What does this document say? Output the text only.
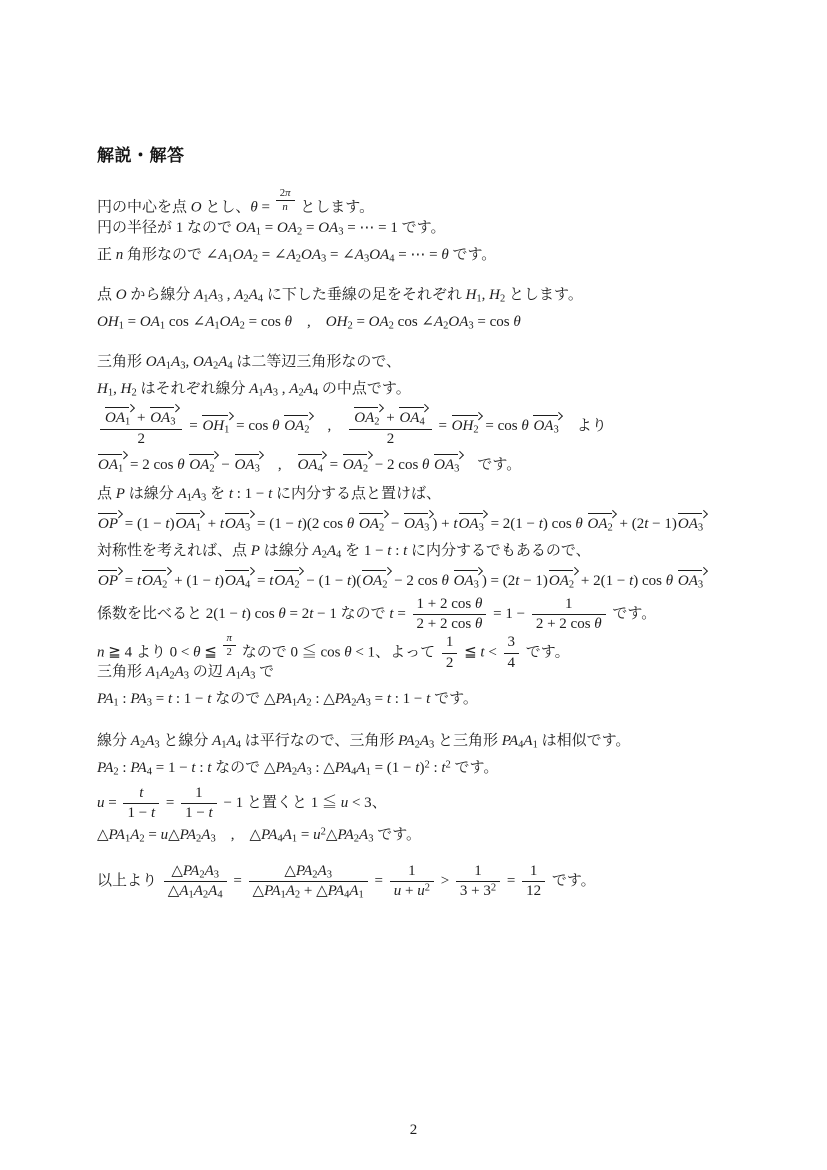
解説・解答
円の中心を点 O とし、$\theta = \frac{2\pi}{n}$ とします。
円の半径が 1 なので $OA_1 = OA_2 = OA_3$ = ⋯ = 1 です。
正 n 角形なので $\angle A_1OA_2$ = $\angle A_2OA_3$ = $\angle A_3OA_4$ = ⋯ = θ です。
点 O から線分 $A_1A_3$ , $A_2A_4$ に下した垂線の足をそれぞれ $H_1$, $H_2$ とします。
$OH_1 = OA_1$ $\cos \angle A_1OA_2 = \cos \theta$　 ,　 $OH_2 = OA_2$ $\cos \angle A_2OA_3 = \cos \theta$
三角形 $OA_1A_3$, $OA_2A_4$ は二等辺三角形なので、
$H_1$, $H_2$ はそれぞれ線分 $A_1A_3$ , $A_2A_4$ の中点です。
$\frac{OA_1 + OA_3}{2} = OH_1 = \cos \theta$ $OA_2$　 ,　 $\frac{OA_2 + OA_4}{2} = OH_2 = \cos \theta$ $OA_3$　より
$OA_1 = 2$ cos θ $OA_2 - OA_3$　 ,　 $OA_4 = OA_2 - 2$ cos θ $OA_3$　です。
点 P は線分 $A_1A_3$ を t : 1 − t に内分する点と置けば、
OP = $(1 - t)OA_1 + tOA_3 = (1 - t)(2$ cos θ $OA_2 - OA_3$ ) + tOA$_3$ = 2(1 − t) cos θ $OA_2 + (2t - 1)OA_3$
対称性を考えれば、点 P は線分 $A_2A_4$ を 1 − t : t に内分するでもあるので、
OP = $tOA_2 + (1 - t)OA_4 = tOA_2 - (1 - t)(OA_2 - 2$ cos θ $OA_3$ ) = $(2t - 1)OA_2 + 2(1 - t)$ cos θ $OA_3$
係数を比べると 2(1 − t) cos θ = 2t − 1 なので $t = \frac{\text{1 + 2 cos θ}}{\text{2 + 2 cos θ}} = 1 - \frac{1}{\text{2 + 2 cos θ}}$ です。
n ≧ 4 より 0 < θ ≦ $\frac{\pi}{2}$ なので 0 ≦ cos θ < 1、よって $\frac{1}{2}$ ≦ $t < \frac{3}{4}$ です。
三角形 $A_1A_2A_3$ の辺 $A_1A_3$ で
$PA_1$ : $PA_3 = t$ : 1 − t なので $\triangle PA_1A_2$ : $\triangle PA_2A_3 = t$ : 1 − t です。
線分 $A_2A_3$ と線分 $A_1A_4$ は平行なので、三角形 $PA_2A_3$ と三角形 $PA_4A_1$ は相似です。
$PA_2$ : $PA_4 = 1 - t$ : t なので $\triangle PA_2A_3$ : $\triangle PA_4A_1 = (1 - t)^2$ : $t^2$ です。
$u = \frac{t}{1 - t} = \frac{1}{1 - t} - 1$ と置くと 1 ≦ u < 3、
$\triangle PA_1A_2$ = $u\triangle PA_2A_3$　 ,　 $\triangle PA_4A_1$ = $u^2\triangle PA_2A_3$ です。
以上より $\frac{\triangle PA_2A_3}{\triangle A_1A_2A_4} = \frac{\triangle PA_2A_3}{\triangle PA_1A_2 + \triangle PA_4A_1} = \frac{1}{u + u^2} > \frac{1}{3 + 3^2} = \frac{1}{12}$ です。
2
